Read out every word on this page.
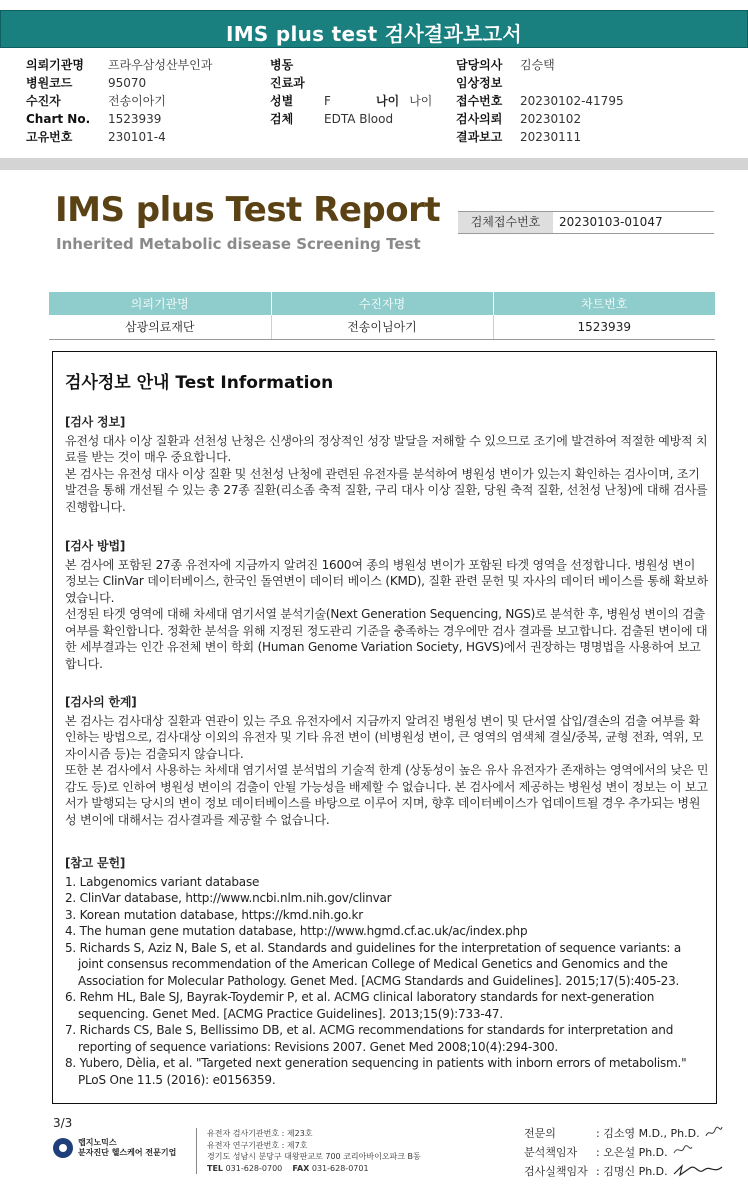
IMS plus test 검사결과보고서
의뢰기관명	프라우삼성산부인과
병원코드	95070
수진자	전송이아기
Chart No.	1523939
고유번호	230101-4
병동
진료과
성별	F	나이 나이
검체	EDTA Blood
담당의사	김승택
임상정보
접수번호	20230102-41795
검사의뢰	20230102
결과보고	20230111
IMS plus Test Report
Inherited Metabolic disease Screening Test
검체접수번호	20230103-01047
의뢰기관명	수진자명	차트번호
삼광의료재단	전송이님아기	1523939
검사정보 안내 Test Information
[검사 정보]

유전성 대사 이상 질환과 선천성 난청은 신생아의 정상적인 성장 발달을 저해할 수 있으므로 조기에 발견하여 적절한 예방적 치료를 받는 것이 매우 중요합니다.

본 검사는 유전성 대사 이상 질환 및 선천성 난청에 관련된 유전자를 분석하여 병원성 변이가 있는지 확인하는 검사이며, 조기 발견을 통해 개선될 수 있는 총 27종 질환(리소좀 축적 질환, 구리 대사 이상 질환, 당원 축적 질환, 선천성 난청)에 대해 검사를 진행합니다.

[검사 방법]

본 검사에 포함된 27종 유전자에 지금까지 알려진 1600여 종의 병원성 변이가 포함된 타겟 영역을 선정합니다. 병원성 변이 정보는 ClinVar 데이터베이스, 한국인 돌연변이 데이터 베이스 (KMD), 질환 관련 문헌 및 자사의 데이터 베이스를 통해 확보하였습니다.

선정된 타겟 영역에 대해 차세대 염기서열 분석기술(Next Generation Sequencing, NGS)로 분석한 후, 병원성 변이의 검출 여부를 확인합니다. 정확한 분석을 위해 지정된 정도관리 기준을 충족하는 경우에만 검사 결과를 보고합니다. 검출된 변이에 대한 세부결과는 인간 유전체 변이 학회 (Human Genome Variation Society, HGVS)에서 권장하는 명명법을 사용하여 보고합니다.

[검사의 한계]

본 검사는 검사대상 질환과 연관이 있는 주요 유전자에서 지금까지 알려진 병원성 변이 및 단서열 삽입/결손의 검출 여부를 확인하는 방법으로, 검사대상 이외의 유전자 및 기타 유전 변이 (비병원성 변이, 큰 영역의 염색체 결실/중복, 균형 전좌, 역위, 모자이시즘 등)는 검출되지 않습니다.

또한 본 검사에서 사용하는 차세대 염기서열 분석법의 기술적 한계 (상동성이 높은 유사 유전자가 존재하는 영역에서의 낮은 민감도 등)로 인하여 병원성 변이의 검출이 안될 가능성을 배제할 수 없습니다. 본 검사에서 제공하는 병원성 변이 정보는 이 보고서가 발행되는 당시의 변이 정보 데이터베이스를 바탕으로 이루어 지며, 향후 데이터베이스가 업데이트될 경우 추가되는 병원성 변이에 대해서는 검사결과를 제공할 수 없습니다.

[참고 문헌]
1. Labgenomics variant database
2. ClinVar database, http://www.ncbi.nlm.nih.gov/clinvar
3. Korean mutation database, https://kmd.nih.go.kr
4. The human gene mutation database, http://www.hgmd.cf.ac.uk/ac/index.php
5. Richards S, Aziz N, Bale S, et al. Standards and guidelines for the interpretation of sequence variants: a joint consensus recommendation of the American College of Medical Genetics and Genomics and the Association for Molecular Pathology. Genet Med. [ACMG Standards and Guidelines]. 2015;17(5):405-23.
6. Rehm HL, Bale SJ, Bayrak-Toydemir P, et al. ACMG clinical laboratory standards for next-generation sequencing. Genet Med. [ACMG Practice Guidelines]. 2013;15(9):733-47.
7. Richards CS, Bale S, Bellissimo DB, et al. ACMG recommendations for standards for interpretation and reporting of sequence variations: Revisions 2007. Genet Med 2008;10(4):294-300.
8. Yubero, Dèlia, et al. "Targeted next generation sequencing in patients with inborn errors of metabolism." PLoS One 11.5 (2016): e0156359.
3/3
랩지노믹스
분자진단 헬스케어 전문기업
유전자 검사기관번호 : 제23호
유전자 연구기관번호 : 제7호
경기도 성남시 분당구 대왕판교로 700 코리아바이오파크 B동
TEL 031-628-0700 FAX 031-628-0701
전문의	: 김소영 M.D., Ph.D.
분석책임자	: 오은설 Ph.D.
검사실책임자 : 김명신 Ph.D.
